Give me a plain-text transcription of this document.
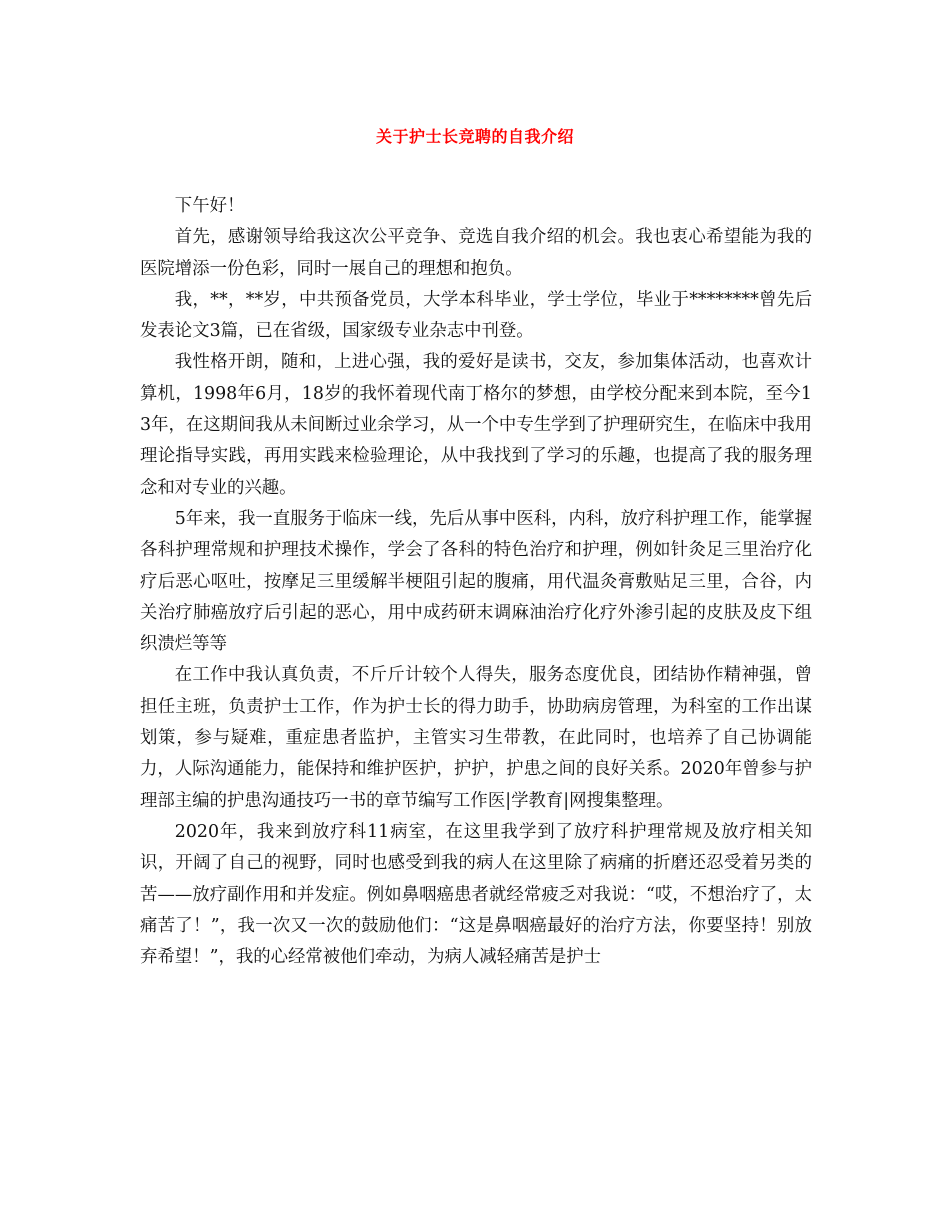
关于护士长竞聘的自我介绍

下午好！

首先，感谢领导给我这次公平竞争、竞选自我介绍的机会。我也衷心希望能为我的医院增添一份色彩，同时一展自己的理想和抱负。

我，**，**岁，中共预备党员，大学本科毕业，学士学位，毕业于********曾先后发表论文3篇，已在省级，国家级专业杂志中刊登。

我性格开朗，随和，上进心强，我的爱好是读书，交友，参加集体活动，也喜欢计算机，1998年6月，18岁的我怀着现代南丁格尔的梦想，由学校分配来到本院，至今13年，在这期间我从未间断过业余学习，从一个中专生学到了护理研究生，在临床中我用理论指导实践，再用实践来检验理论，从中我找到了学习的乐趣，也提高了我的服务理念和对专业的兴趣。

5年来，我一直服务于临床一线，先后从事中医科，内科，放疗科护理工作，能掌握各科护理常规和护理技术操作，学会了各科的特色治疗和护理，例如针灸足三里治疗化疗后恶心呕吐，按摩足三里缓解半梗阻引起的腹痛，用代温灸膏敷贴足三里，合谷，内关治疗肺癌放疗后引起的恶心，用中成药研末调麻油治疗化疗外渗引起的皮肤及皮下组织溃烂等等

在工作中我认真负责，不斤斤计较个人得失，服务态度优良，团结协作精神强，曾担任主班，负责护士工作，作为护士长的得力助手，协助病房管理，为科室的工作出谋划策，参与疑难，重症患者监护，主管实习生带教，在此同时，也培养了自己协调能力，人际沟通能力，能保持和维护医护，护护，护患之间的良好关系。2020年曾参与护理部主编的护患沟通技巧一书的章节编写工作医|学教育|网搜集整理。

2020年，我来到放疗科11病室，在这里我学到了放疗科护理常规及放疗相关知识，开阔了自己的视野，同时也感受到我的病人在这里除了病痛的折磨还忍受着另类的苦——放疗副作用和并发症。例如鼻咽癌患者就经常疲乏对我说：“哎，不想治疗了，太痛苦了！”，我一次又一次的鼓励他们：“这是鼻咽癌最好的治疗方法，你要坚持！别放弃希望！”，我的心经常被他们牵动，为病人减轻痛苦是护士
